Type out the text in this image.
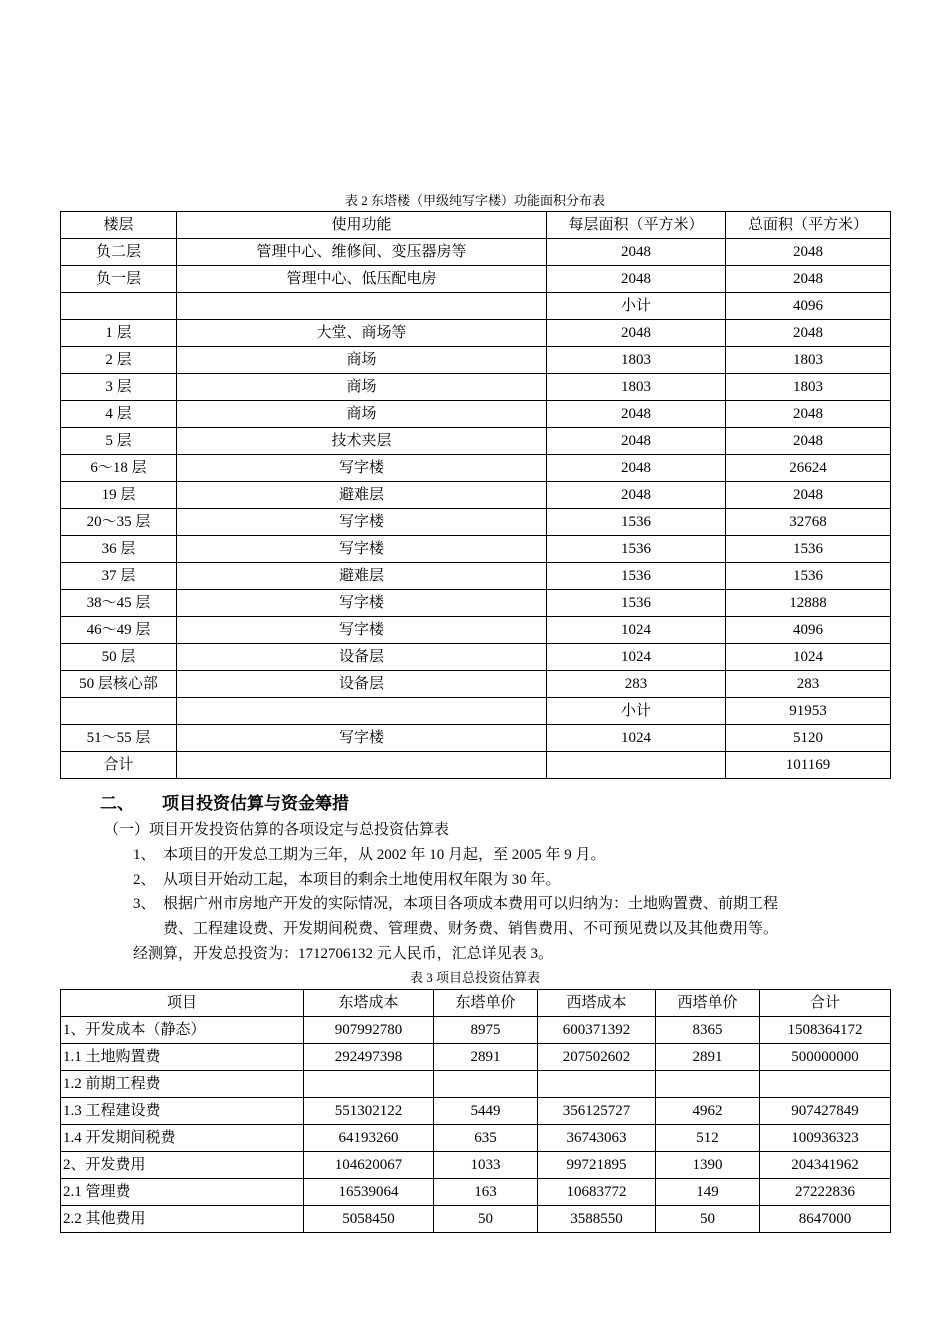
表 2 东塔楼（甲级纯写字楼）功能面积分布表
楼层	使用功能	每层面积（平方米）	总面积（平方米）
负二层	管理中心、维修间、变压器房等	2048	2048
负一层	管理中心、低压配电房	2048	2048
		小计	4096
1 层	大堂、商场等	2048	2048
2 层	商场	1803	1803
3 层	商场	1803	1803
4 层	商场	2048	2048
5 层	技术夹层	2048	2048
6～18 层	写字楼	2048	26624
19 层	避难层	2048	2048
20～35 层	写字楼	1536	32768
36 层	写字楼	1536	1536
37 层	避难层	1536	1536
38～45 层	写字楼	1536	12888
46～49 层	写字楼	1024	4096
50 层	设备层	1024	1024
50 层核心部	设备层	283	283
		小计	91953
51～55 层	写字楼	1024	5120
合计			101169
二、 项目投资估算与资金筹措
（一）项目开发投资估算的各项设定与总投资估算表
1、 本项目的开发总工期为三年，从 2002 年 10 月起，至 2005 年 9 月。
2、 从项目开始动工起，本项目的剩余土地使用权年限为 30 年。
3、 根据广州市房地产开发的实际情况，本项目各项成本费用可以归纳为：土地购置费、前期工程
费、工程建设费、开发期间税费、管理费、财务费、销售费用、不可预见费以及其他费用等。
经测算，开发总投资为：1712706132 元人民币，汇总详见表 3。
表 3 项目总投资估算表
项目	东塔成本	东塔单价	西塔成本	西塔单价	合计
1、开发成本（静态）	907992780	8975	600371392	8365	1508364172
1.1 土地购置费	292497398	2891	207502602	2891	500000000
1.2 前期工程费					
1.3 工程建设费	551302122	5449	356125727	4962	907427849
1.4 开发期间税费	64193260	635	36743063	512	100936323
2、开发费用	104620067	1033	99721895	1390	204341962
2.1 管理费	16539064	163	10683772	149	27222836
2.2 其他费用	5058450	50	3588550	50	8647000
